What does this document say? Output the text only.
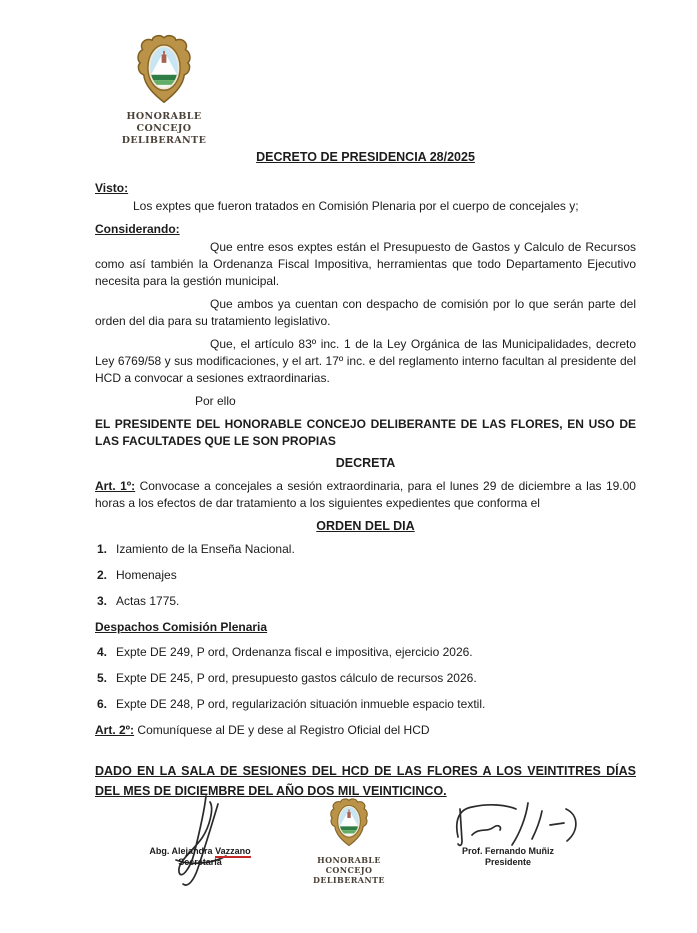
HONORABLE
CONCEJO DELIBERANTE

DECRETO DE PRESIDENCIA 28/2025

Visto:

Los exptes que fueron tratados en Comisión Plenaria por el cuerpo de concejales y;

Considerando:

Que entre esos exptes están el Presupuesto de Gastos y Calculo de Recursos como así también la Ordenanza Fiscal Impositiva, herramientas que todo Departamento Ejecutivo necesita para la gestión municipal.

Que ambos ya cuentan con despacho de comisión por lo que serán parte del orden del dia para su tratamiento legislativo.

Que, el artículo 83º inc. 1 de la Ley Orgánica de las Municipalidades, decreto Ley 6769/58 y sus modificaciones, y el art. 17º inc. e del reglamento interno facultan al presidente del HCD a convocar a sesiones extraordinarias.

Por ello

EL PRESIDENTE DEL HONORABLE CONCEJO DELIBERANTE DE LAS FLORES, EN USO DE LAS FACULTADES QUE LE SON PROPIAS

DECRETA

Art. 1º: Convocase a concejales a sesión extraordinaria, para el lunes 29 de diciembre a las 19.00 horas a los efectos de dar tratamiento a los siguientes expedientes que conforma el

ORDEN DEL DIA

1. Izamiento de la Enseña Nacional.
2. Homenajes
3. Actas 1775.

Despachos Comisión Plenaria

4. Expte DE 249, P ord, Ordenanza fiscal e impositiva, ejercicio 2026.
5. Expte DE 245, P ord, presupuesto gastos cálculo de recursos 2026.
6. Expte DE 248, P ord, regularización situación inmueble espacio textil.

Art. 2º: Comuníquese al DE y dese al Registro Oficial del HCD

DADO EN LA SALA DE SESIONES DEL HCD DE LAS FLORES A LOS VEINTITRES DÍAS DEL MES DE DICIEMBRE DEL AÑO DOS MIL VEINTICINCO.

Abg. Alejandra Vazzano
Secretaria	HONORABLE
CONCEJO DELIBERANTE
Prof. Fernando Muñiz
Presidente
